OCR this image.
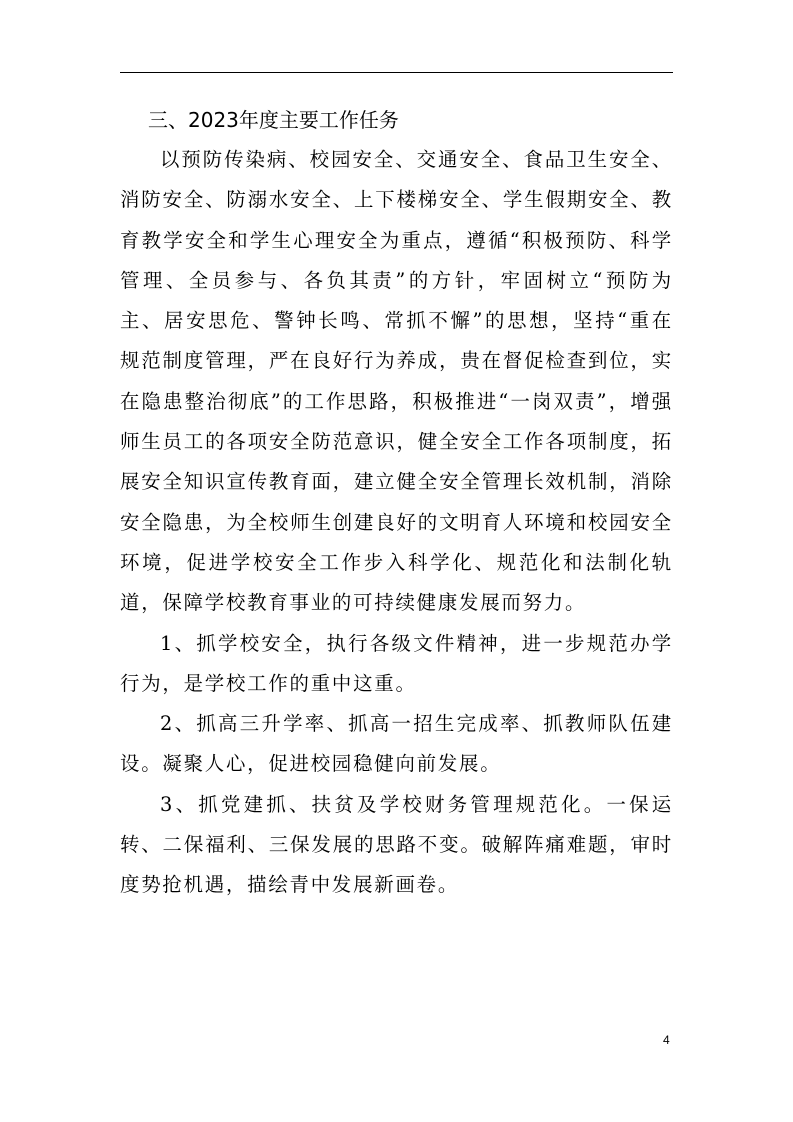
三、2023年度主要工作任务

以预防传染病、校园安全、交通安全、食品卫生安全、消防安全、防溺水安全、上下楼梯安全、学生假期安全、教育教学安全和学生心理安全为重点，遵循“积极预防、科学管理、全员参与、各负其责”的方针，牢固树立“预防为主、居安思危、警钟长鸣、常抓不懈”的思想，坚持“重在规范制度管理，严在良好行为养成，贵在督促检查到位，实在隐患整治彻底”的工作思路，积极推进“一岗双责”，增强师生员工的各项安全防范意识，健全安全工作各项制度，拓展安全知识宣传教育面，建立健全安全管理长效机制，消除安全隐患，为全校师生创建良好的文明育人环境和校园安全环境，促进学校安全工作步入科学化、规范化和法制化轨道，保障学校教育事业的可持续健康发展而努力。

1、抓学校安全，执行各级文件精神，进一步规范办学行为，是学校工作的重中这重。

2、抓高三升学率、抓高一招生完成率、抓教师队伍建设。凝聚人心，促进校园稳健向前发展。

3、抓党建抓、扶贫及学校财务管理规范化。一保运转、二保福利、三保发展的思路不变。破解阵痛难题，审时度势抢机遇，描绘青中发展新画卷。

4
